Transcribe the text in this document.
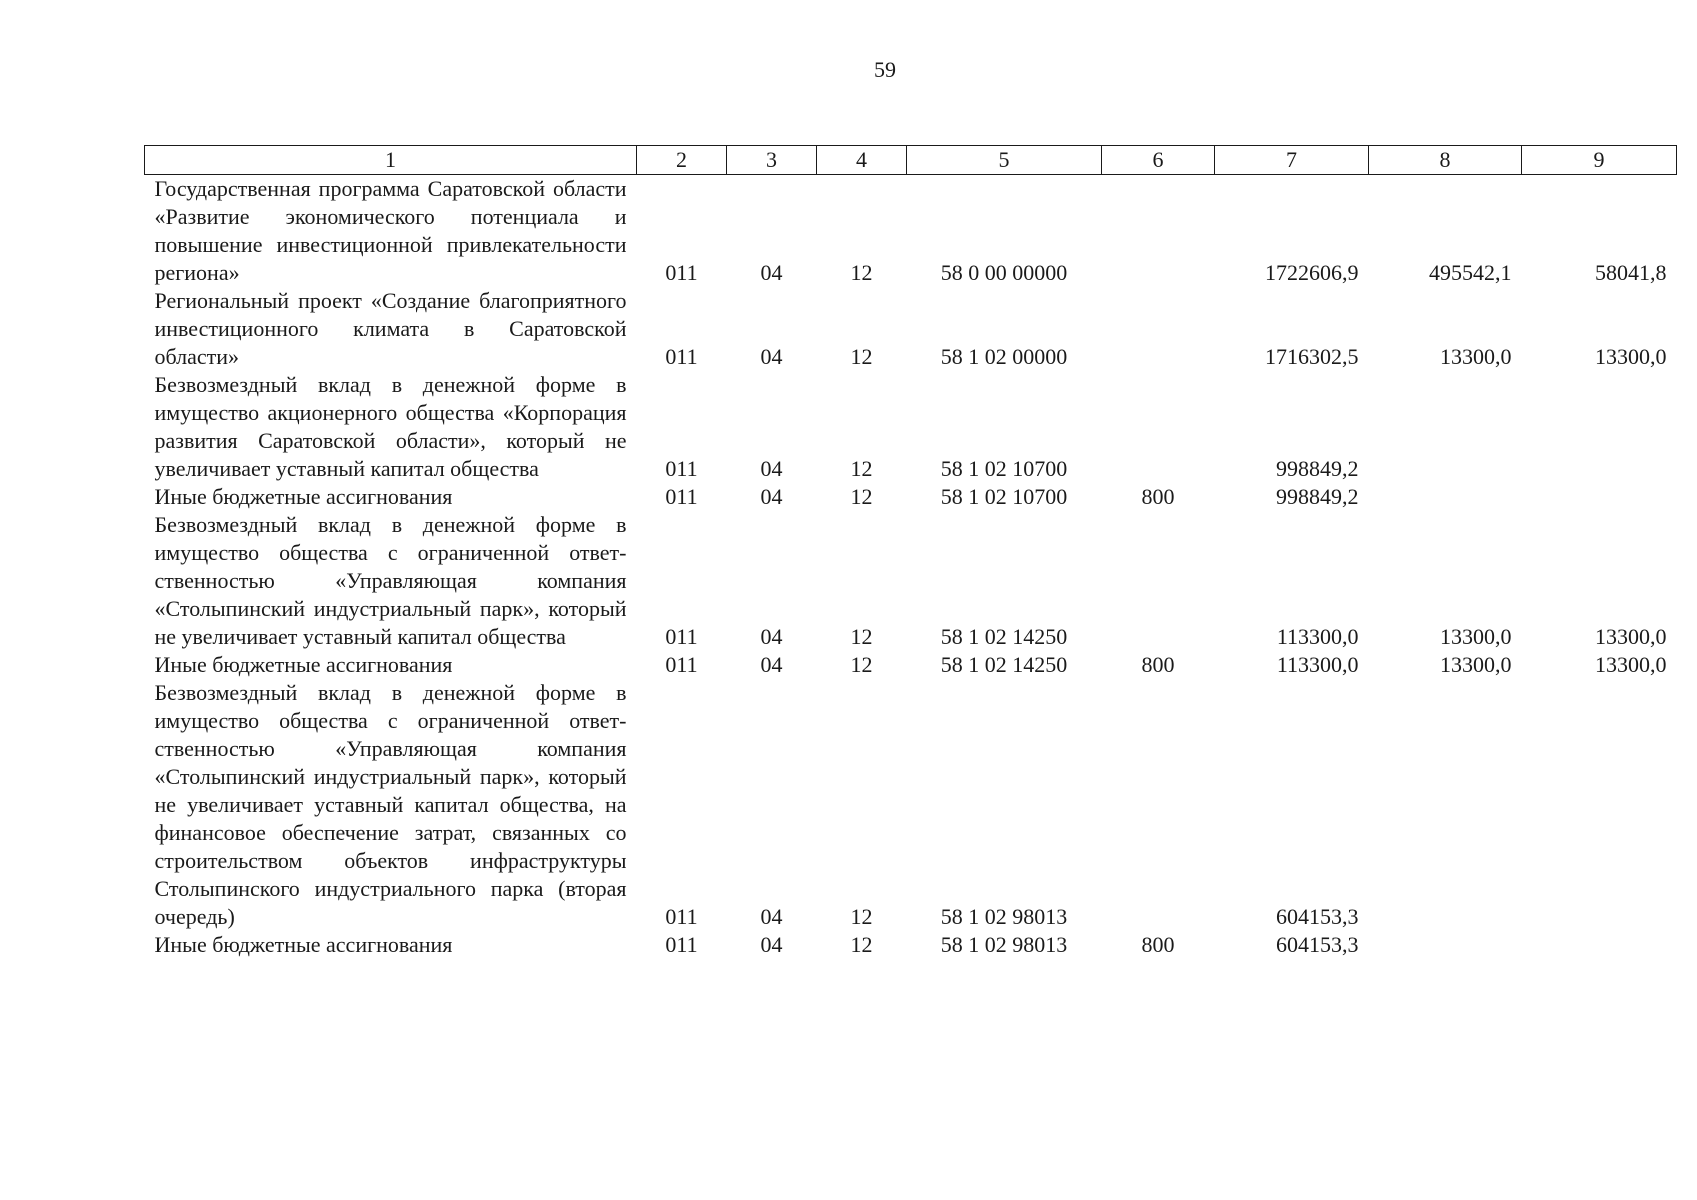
59
1	2	3	4	5	6	7	8	9
Государственная программа Саратовской области «Развитие экономического потенциала и повышение инвестиционной привлекательности региона»	011	04	12	58 0 00 00000		1722606,9	495542,1	58041,8
Региональный проект «Создание благоприятного инвестиционного климата в Саратовской области»	011	04	12	58 1 02 00000		1716302,5	13300,0	13300,0
Безвозмездный вклад в денежной форме в имущество акционерного общества «Корпорация развития Саратовской области», который не увеличивает уставный капитал общества	011	04	12	58 1 02 10700		998849,2		
Иные бюджетные ассигнования	011	04	12	58 1 02 10700	800	998849,2		
Безвозмездный вклад в денежной форме в имущество общества с ограниченной ответственностью «Управляющая компания «Столыпинский индустриальный парк», который не увеличивает уставный капитал общества	011	04	12	58 1 02 14250		113300,0	13300,0	13300,0
Иные бюджетные ассигнования	011	04	12	58 1 02 14250	800	113300,0	13300,0	13300,0
Безвозмездный вклад в денежной форме в имущество общества с ограниченной ответственностью «Управляющая компания «Столыпинский индустриальный парк», который не увеличивает уставный капитал общества, на финансовое обеспечение затрат, связанных со строительством объектов инфраструктуры Столыпинского индустриального парка (вторая очередь)	011	04	12	58 1 02 98013		604153,3		
Иные бюджетные ассигнования	011	04	12	58 1 02 98013	800	604153,3		
